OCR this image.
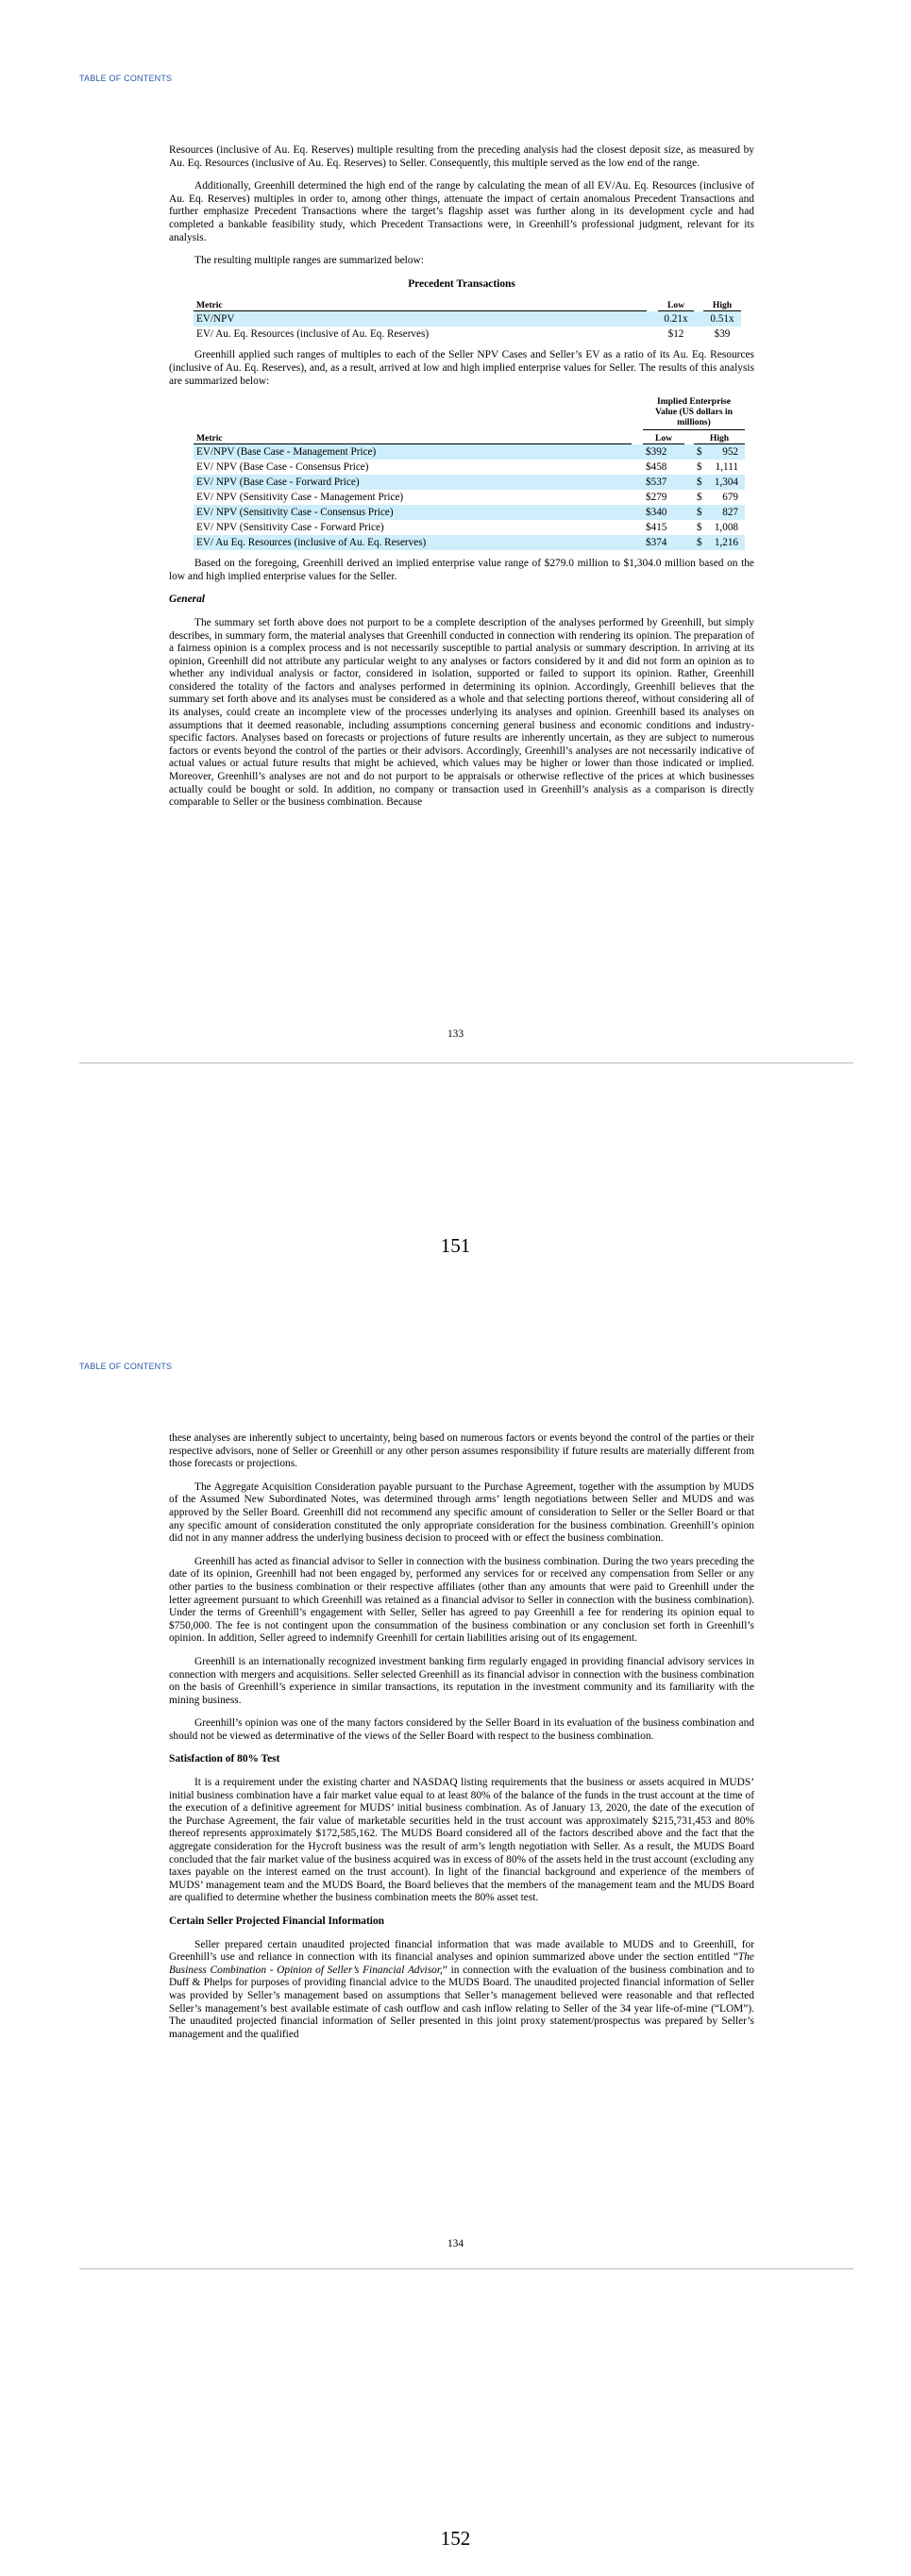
TABLE OF CONTENTS

Resources (inclusive of Au. Eq. Reserves) multiple resulting from the preceding analysis had the closest deposit size, as measured by Au. Eq. Resources (inclusive of Au. Eq. Reserves) to Seller. Consequently, this multiple served as the low end of the range.

Additionally, Greenhill determined the high end of the range by calculating the mean of all EV/Au. Eq. Resources (inclusive of Au. Eq. Reserves) multiples in order to, among other things, attenuate the impact of certain anomalous Precedent Transactions and further emphasize Precedent Transactions where the target’s flagship asset was further along in its development cycle and had completed a bankable feasibility study, which Precedent Transactions were, in Greenhill’s professional judgment, relevant for its analysis.

The resulting multiple ranges are summarized below:

Precedent Transactions
Metric		Low		High
EV/NPV		0.21x		0.51x
EV/ Au. Eq. Resources (inclusive of Au. Eq. Reserves)		$12		$39

Greenhill applied such ranges of multiples to each of the Seller NPV Cases and Seller’s EV as a ratio of its Au. Eq. Resources (inclusive of Au. Eq. Reserves), and, as a result, arrived at low and high implied enterprise values for Seller. The results of this analysis are summarized below:

Metric		Implied Enterprise Value (US dollars in millions)		
		Low		High
EV/NPV (Base Case - Management Price)		$392		$ 952
EV/ NPV (Base Case - Consensus Price)		$458		$ 1,111
EV/ NPV (Base Case - Forward Price)		$537		$ 1,304
EV/ NPV (Sensitivity Case - Management Price)		$279		$ 679
EV/ NPV (Sensitivity Case - Consensus Price)		$340		$ 827
EV/ NPV (Sensitivity Case - Forward Price)		$415		$ 1,008
EV/ Au Eq. Resources (inclusive of Au. Eq. Reserves)		$374		$ 1,216

Based on the foregoing, Greenhill derived an implied enterprise value range of $279.0 million to $1,304.0 million based on the low and high implied enterprise values for the Seller.

General

The summary set forth above does not purport to be a complete description of the analyses performed by Greenhill, but simply describes, in summary form, the material analyses that Greenhill conducted in connection with rendering its opinion. The preparation of a fairness opinion is a complex process and is not necessarily susceptible to partial analysis or summary description. In arriving at its opinion, Greenhill did not attribute any particular weight to any analyses or factors considered by it and did not form an opinion as to whether any individual analysis or factor, considered in isolation, supported or failed to support its opinion. Rather, Greenhill considered the totality of the factors and analyses performed in determining its opinion. Accordingly, Greenhill believes that the summary set forth above and its analyses must be considered as a whole and that selecting portions thereof, without considering all of its analyses, could create an incomplete view of the processes underlying its analyses and opinion. Greenhill based its analyses on assumptions that it deemed reasonable, including assumptions concerning general business and economic conditions and industry-specific factors. Analyses based on forecasts or projections of future results are inherently uncertain, as they are subject to numerous factors or events beyond the control of the parties or their advisors. Accordingly, Greenhill’s analyses are not necessarily indicative of actual values or actual future results that might be achieved, which values may be higher or lower than those indicated or implied. Moreover, Greenhill’s analyses are not and do not purport to be appraisals or otherwise reflective of the prices at which businesses actually could be bought or sold. In addition, no company or transaction used in Greenhill’s analysis as a comparison is directly comparable to Seller or the business combination. Because

133
151
TABLE OF CONTENTS

these analyses are inherently subject to uncertainty, being based on numerous factors or events beyond the control of the parties or their respective advisors, none of Seller or Greenhill or any other person assumes responsibility if future results are materially different from those forecasts or projections.

The Aggregate Acquisition Consideration payable pursuant to the Purchase Agreement, together with the assumption by MUDS of the Assumed New Subordinated Notes, was determined through arms’ length negotiations between Seller and MUDS and was approved by the Seller Board. Greenhill did not recommend any specific amount of consideration to Seller or the Seller Board or that any specific amount of consideration constituted the only appropriate consideration for the business combination. Greenhill’s opinion did not in any manner address the underlying business decision to proceed with or effect the business combination.

Greenhill has acted as financial advisor to Seller in connection with the business combination. During the two years preceding the date of its opinion, Greenhill had not been engaged by, performed any services for or received any compensation from Seller or any other parties to the business combination or their respective affiliates (other than any amounts that were paid to Greenhill under the letter agreement pursuant to which Greenhill was retained as a financial advisor to Seller in connection with the business combination). Under the terms of Greenhill’s engagement with Seller, Seller has agreed to pay Greenhill a fee for rendering its opinion equal to $750,000. The fee is not contingent upon the consummation of the business combination or any conclusion set forth in Greenhill’s opinion. In addition, Seller agreed to indemnify Greenhill for certain liabilities arising out of its engagement.

Greenhill is an internationally recognized investment banking firm regularly engaged in providing financial advisory services in connection with mergers and acquisitions. Seller selected Greenhill as its financial advisor in connection with the business combination on the basis of Greenhill’s experience in similar transactions, its reputation in the investment community and its familiarity with the mining business.

Greenhill’s opinion was one of the many factors considered by the Seller Board in its evaluation of the business combination and should not be viewed as determinative of the views of the Seller Board with respect to the business combination.

Satisfaction of 80% Test

It is a requirement under the existing charter and NASDAQ listing requirements that the business or assets acquired in MUDS’ initial business combination have a fair market value equal to at least 80% of the balance of the funds in the trust account at the time of the execution of a definitive agreement for MUDS’ initial business combination. As of January 13, 2020, the date of the execution of the Purchase Agreement, the fair value of marketable securities held in the trust account was approximately $215,731,453 and 80% thereof represents approximately $172,585,162. The MUDS Board considered all of the factors described above and the fact that the aggregate consideration for the Hycroft business was the result of arm’s length negotiation with Seller. As a result, the MUDS Board concluded that the fair market value of the business acquired was in excess of 80% of the assets held in the trust account (excluding any taxes payable on the interest earned on the trust account). In light of the financial background and experience of the members of MUDS’ management team and the MUDS Board, the Board believes that the members of the management team and the MUDS Board are qualified to determine whether the business combination meets the 80% asset test.

Certain Seller Projected Financial Information

Seller prepared certain unaudited projected financial information that was made available to MUDS and to Greenhill, for Greenhill’s use and reliance in connection with its financial analyses and opinion summarized above under the section entitled “The Business Combination - Opinion of Seller’s Financial Advisor,” in connection with the evaluation of the business combination and to Duff & Phelps for purposes of providing financial advice to the MUDS Board. The unaudited projected financial information of Seller was provided by Seller’s management based on assumptions that Seller’s management believed were reasonable and that reflected Seller’s management’s best available estimate of cash outflow and cash inflow relating to Seller of the 34 year life-of-mine (“LOM”). The unaudited projected financial information of Seller presented in this joint proxy statement/prospectus was prepared by Seller’s management and the qualified

134
152
